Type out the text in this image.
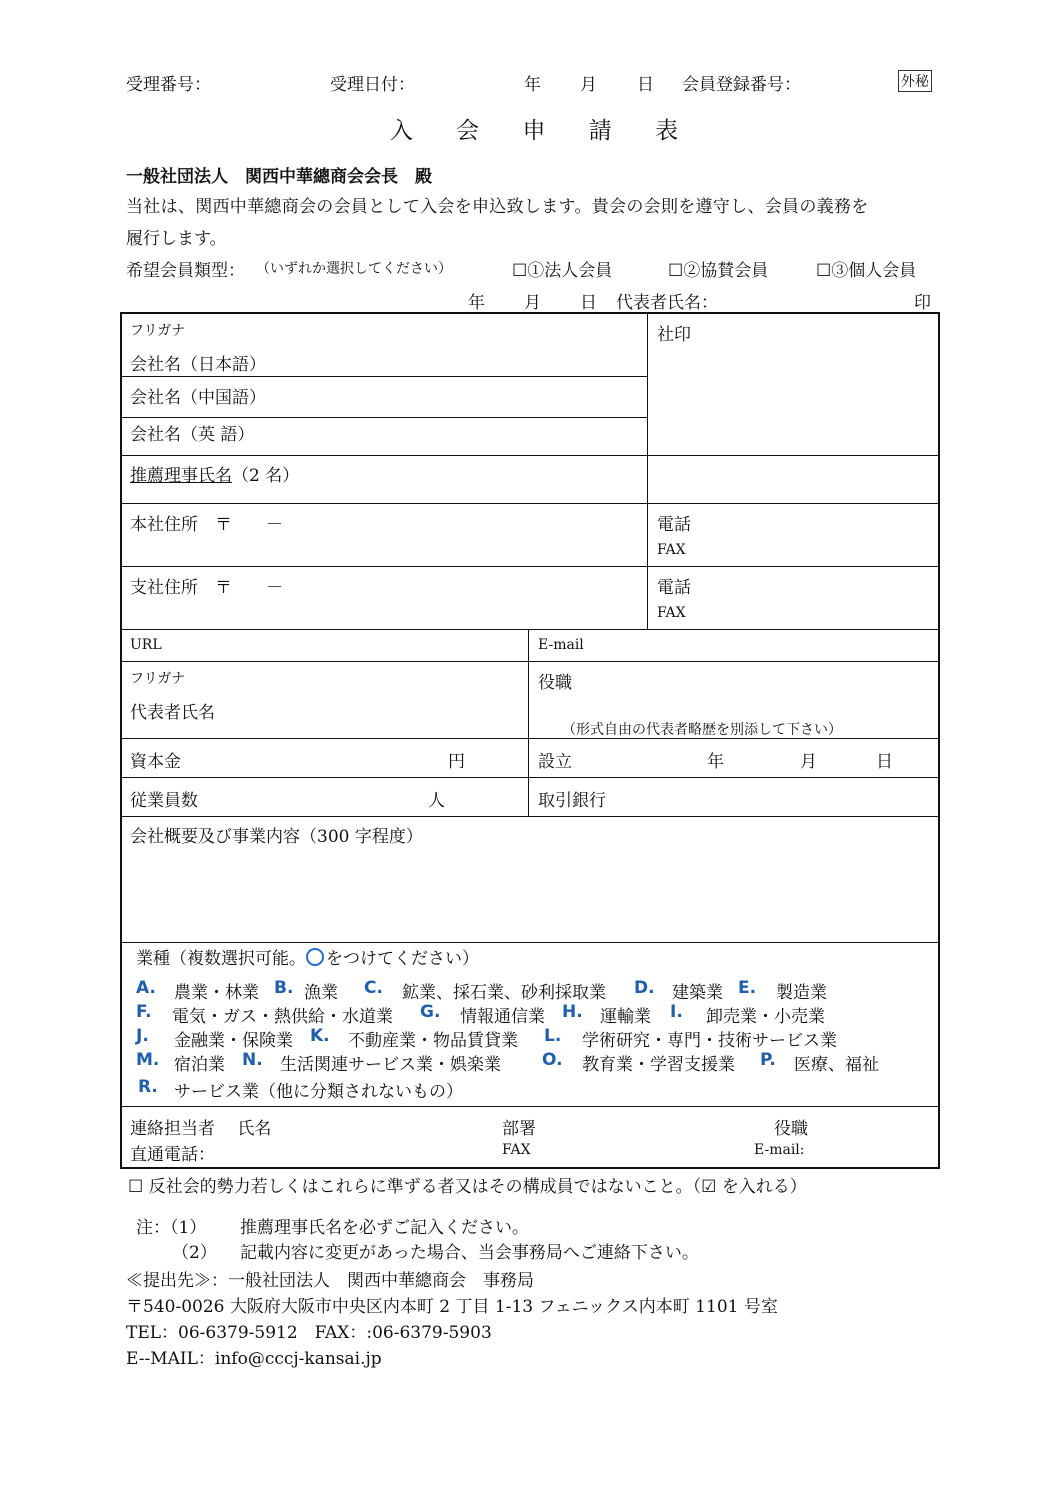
受理番号：	受理日付：	年 月 日 会員登録番号：	外秘
入 会 申 請 表
一般社団法人　関西中華總商会会長　殿
当社は、関西中華總商会の会員として入会を申込致します。貴会の会則を遵守し、会員の義務を
履行します。
希望会員類型： （いずれか選択してください）	☐①法人会員	☐②協賛会員	☐③個人会員
年 月 日 代表者氏名：	印
フリガナ
会社名（日本語）
会社名（中国語）
会社名（英 語）
社印
推薦理事氏名（2 名）
本社住所　〒　　－	電話
FAX
支社住所　〒　　－	電話
FAX
URL	E-mail
フリガナ
代表者氏名
役職
（形式自由の代表者略歴を別添して下さい）
資本金	円	設立	年	月	日
従業員数	人	取引銀行
会社概要及び事業内容（300 字程度）
業種（複数選択可能。 をつけてください）
A. 農業・林業 B. 漁業 C. 鉱業、採石業、砂利採取業 D. 建築業 E. 製造業
F. 電気・ガス・熱供給・水道業 G. 情報通信業 H. 運輸業 I. 卸売業・小売業
J. 金融業・保険業 K. 不動産業・物品賃貸業 L. 学術研究・専門・技術サービス業
M. 宿泊業 N. 生活関連サービス業・娯楽業 O. 教育業・学習支援業 P. 医療、福祉
R. サービス業（他に分類されないもの）
連絡担当者　 氏名	部署	役職
直通電話：	FAX	E-mail:
☐ 反社会的勢力若しくはこれらに準ずる者又はその構成員ではないこと。（☑ を入れる）
注：（1） 推薦理事氏名を必ずご記入ください。
（2） 記載内容に変更があった場合、当会事務局へご連絡下さい。
≪提出先≫：一般社団法人　関西中華總商会　事務局
〒540-0026 大阪府大阪市中央区内本町 2 丁目 1-13 フェニックス内本町 1101 号室
TEL：06-6379-5912　FAX：:06-6379-5903
E-‐MAIL：info@cccj-kansai.jp
